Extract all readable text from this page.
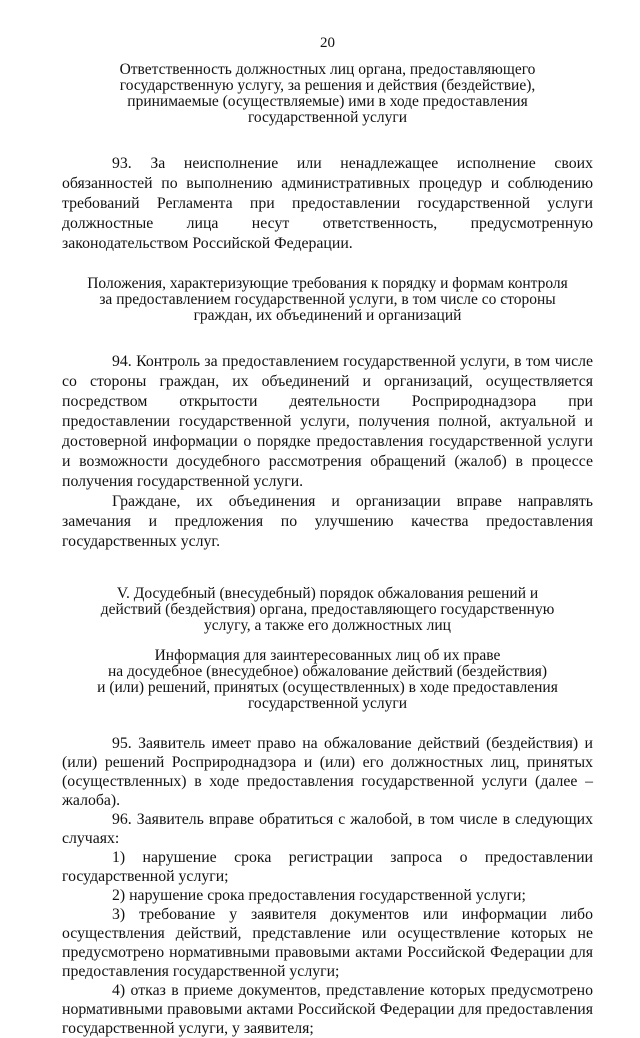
20
Ответственность должностных лиц органа, предоставляющего
государственную услугу, за решения и действия (бездействие),
принимаемые (осуществляемые) ими в ходе предоставления
государственной услуги

93. За неисполнение или ненадлежащее исполнение своих обязанностей по выполнению административных процедур и соблюдению требований Регламента при предоставлении государственной услуги должностные лица несут ответственность, предусмотренную законодательством Российской Федерации.

Положения, характеризующие требования к порядку и формам контроля
за предоставлением государственной услуги, в том числе со стороны
граждан, их объединений и организаций

94. Контроль за предоставлением государственной услуги, в том числе со стороны граждан, их объединений и организаций, осуществляется посредством открытости деятельности Росприроднадзора при предоставлении государственной услуги, получения полной, актуальной и достоверной информации о порядке предоставления государственной услуги и возможности досудебного рассмотрения обращений (жалоб) в процессе получения государственной услуги.

Граждане, их объединения и организации вправе направлять замечания и предложения по улучшению качества предоставления государственных услуг.

V. Досудебный (внесудебный) порядок обжалования решений и
действий (бездействия) органа, предоставляющего государственную
услугу, а также его должностных лиц
Информация для заинтересованных лиц об их праве
на досудебное (внесудебное) обжалование действий (бездействия)
и (или) решений, принятых (осуществленных) в ходе предоставления
государственной услуги

95. Заявитель имеет право на обжалование действий (бездействия) и (или) решений Росприроднадзора и (или) его должностных лиц, принятых (осуществленных) в ходе предоставления государственной услуги (далее – жалоба).

96. Заявитель вправе обратиться с жалобой, в том числе в следующих случаях:

1) нарушение срока регистрации запроса о предоставлении государственной услуги;

2) нарушение срока предоставления государственной услуги;

3) требование у заявителя документов или информации либо осуществления действий, представление или осуществление которых не предусмотрено нормативными правовыми актами Российской Федерации для предоставления государственной услуги;

4) отказ в приеме документов, представление которых предусмотрено нормативными правовыми актами Российской Федерации для предоставления государственной услуги, у заявителя;
